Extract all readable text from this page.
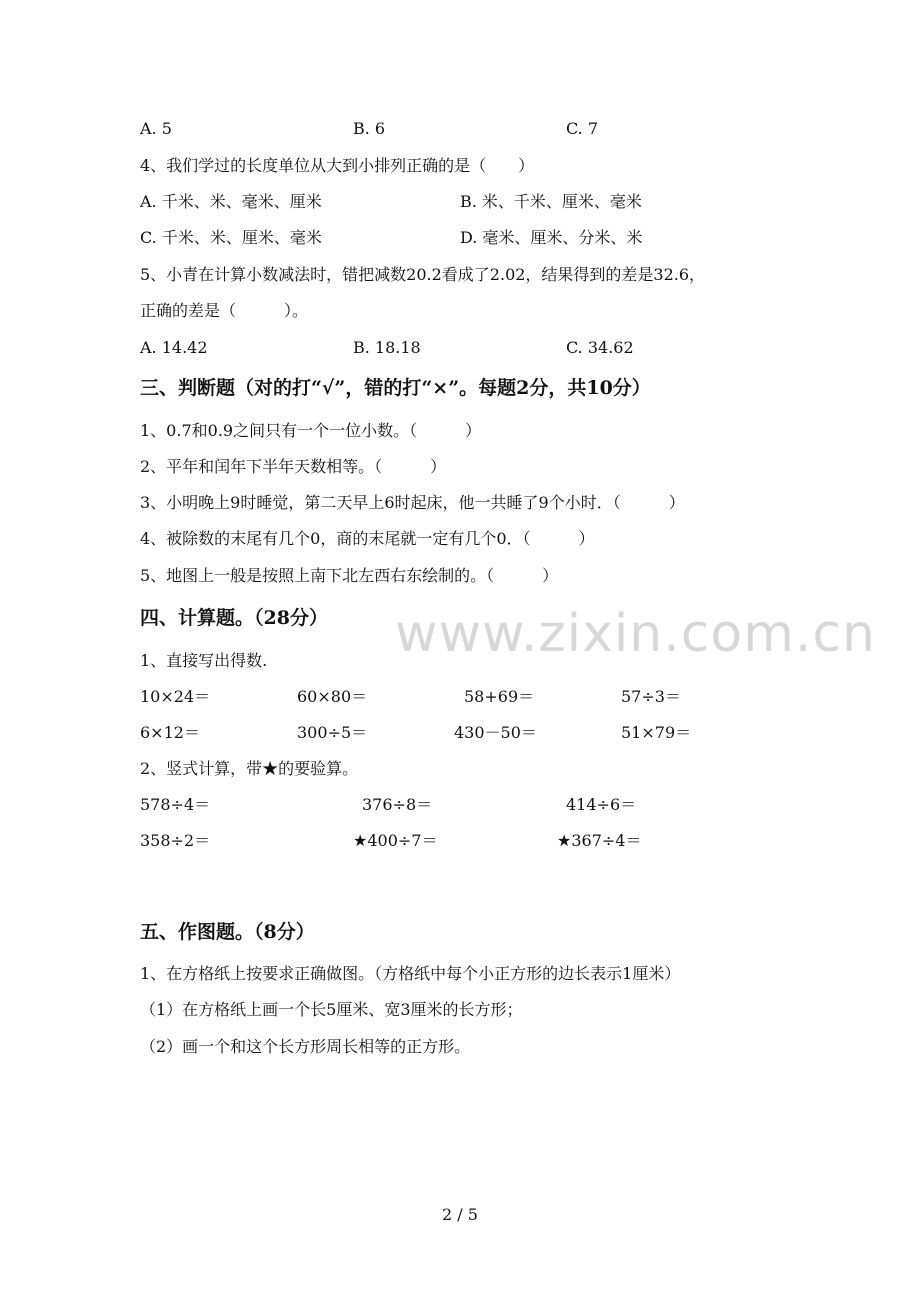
www.zixin.com.cn
A. 5	B. 6	C. 7
4、我们学过的长度单位从大到小排列正确的是（　　）
A. 千米、米、毫米、厘米	B. 米、千米、厘米、毫米
C. 千米、米、厘米、毫米	D. 毫米、厘米、分米、米
5、小青在计算小数减法时，错把减数20.2看成了2.02，结果得到的差是32.6，
正确的差是（　　　）。
A. 14.42	B. 18.18	C. 34.62
三、判断题（对的打“√”，错的打“×”。每题2分，共10分）
1、0.7和0.9之间只有一个一位小数。（　　　）
2、平年和闰年下半年天数相等。（　　　）
3、小明晚上9时睡觉，第二天早上6时起床，他一共睡了9个小时．（　　　）
4、被除数的末尾有几个0，商的末尾就一定有几个0．（　　　）
5、地图上一般是按照上南下北左西右东绘制的。（　　　）
四、计算题。（28分）
1、直接写出得数.
10×24＝	60×80＝	58+69＝	57÷3＝
6×12＝	300÷5＝	430－50＝	51×79＝
2、竖式计算，带★的要验算。
578÷4＝	376÷8＝	414÷6＝
358÷2＝	★400÷7＝	★367÷4＝
五、作图题。（8分）
1、在方格纸上按要求正确做图。（方格纸中每个小正方形的边长表示1厘米）
（1）在方格纸上画一个长5厘米、宽3厘米的长方形；
（2）画一个和这个长方形周长相等的正方形。
2 / 5
